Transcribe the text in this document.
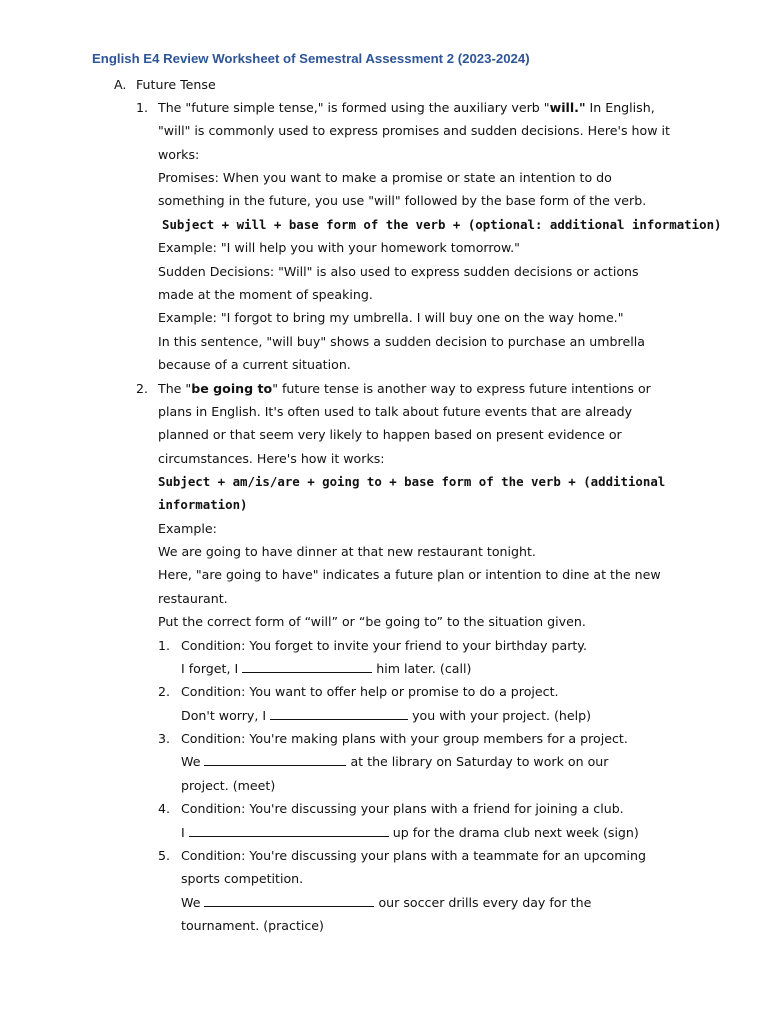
English E4 Review Worksheet of Semestral Assessment 2 (2023-2024)
A. Future Tense
1. The "future simple tense," is formed using the auxiliary verb "will." In English,
"will" is commonly used to express promises and sudden decisions. Here's how it
works:
Promises: When you want to make a promise or state an intention to do
something in the future, you use "will" followed by the base form of the verb.
Subject + will + base form of the verb + (optional: additional information)
Example: "I will help you with your homework tomorrow."
Sudden Decisions: "Will" is also used to express sudden decisions or actions
made at the moment of speaking.
Example: "I forgot to bring my umbrella. I will buy one on the way home."
In this sentence, "will buy" shows a sudden decision to purchase an umbrella
because of a current situation.
2. The "be going to" future tense is another way to express future intentions or
plans in English. It's often used to talk about future events that are already
planned or that seem very likely to happen based on present evidence or
circumstances. Here's how it works:
Subject + am/is/are + going to + base form of the verb + (additional
information)
Example:
We are going to have dinner at that new restaurant tonight.
Here, "are going to have" indicates a future plan or intention to dine at the new
restaurant.
Put the correct form of “will” or “be going to” to the situation given.
1. Condition: You forget to invite your friend to your birthday party.
I forget, I	him later. (call)
2. Condition: You want to offer help or promise to do a project.
Don't worry, I	you with your project. (help)
3. Condition: You're making plans with your group members for a project.
We	at the library on Saturday to work on our
project. (meet)
4. Condition: You're discussing your plans with a friend for joining a club.
I	up for the drama club next week (sign)
5. Condition: You're discussing your plans with a teammate for an upcoming
sports competition.
We	our soccer drills every day for the
tournament. (practice)
